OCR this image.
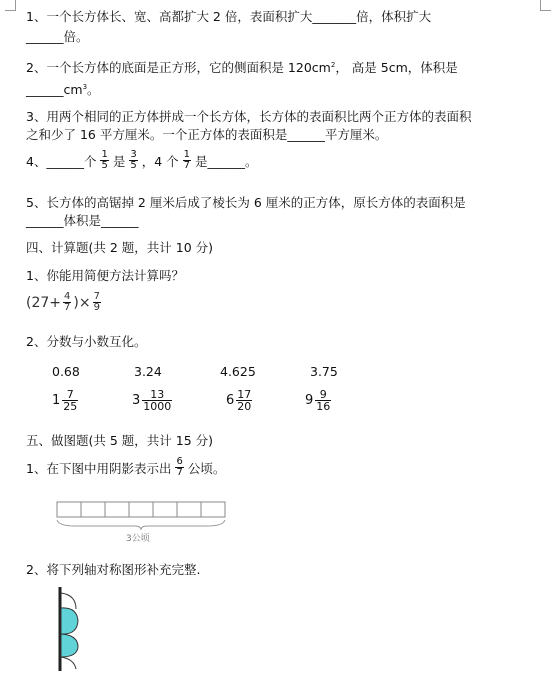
1、一个长方体长、宽、高都扩大 2 倍，表面积扩大_______倍，体积扩大
______倍。
2、一个长方体的底面是正方形，它的侧面积是 $120cm^2$， 高是 5cm，体积是
$\_\_\_\_\_\_cm^3$。
3、用两个相同的正方体拼成一个长方体，长方体的表面积比两个正方体的表面积
之和少了 16 平方厘米。一个正方体的表面积是______平方厘米。
4、______个 $\frac{1}{5}$ 是 $\frac{3}{5}$ ，4 个 $\frac{1}{7}$ 是______。
5、长方体的高锯掉 2 厘米后成了棱长为 6 厘米的正方体，原长方体的表面积是
______体积是______
四、计算题(共 2 题，共计 10 分)
1、你能用简便方法计算吗？
($27+ \frac{4}{7}$ )× $\frac{7}{9}$
2、分数与小数互化。
0.68	3.24	4.625	3.75
$1 \frac{7}{25}$	$3 \frac{13}{1000}$	$6 \frac{17}{20}$	$9 \frac{9}{16}$
五、做图题(共 5 题，共计 15 分)
1、在下图中用阴影表示出 $\frac{6}{7}$ 公顷。
3公顷
2、将下列轴对称图形补充完整.
